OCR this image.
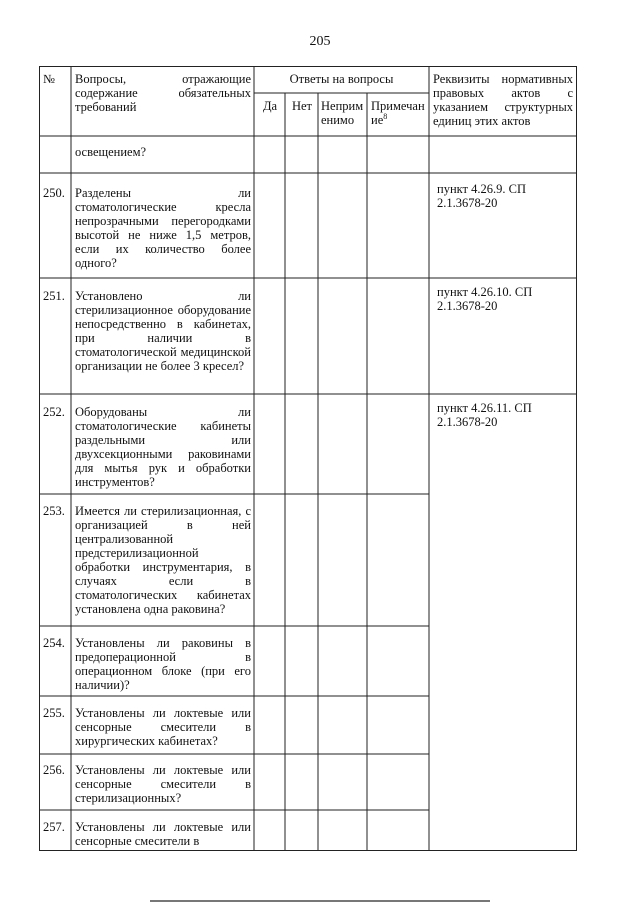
205
№	Вопросы, отражающие содержание обязательных требований
Ответы на вопросы
Да	Нет Неприменимо
Примечание$^8$
Реквизиты нормативных правовых актов с указанием структурных единиц этих актов
освещением?
250. Разделены ли стоматологические кресла непрозрачными перегородками высотой не ниже 1,5 метров, если их количество более одного?
пункт 4.26.9. СП 2.1.3678-20
251. Установлено ли стерилизационное оборудование непосредственно в кабинетах, при наличии в стоматологической медицинской организации не более 3 кресел?
пункт 4.26.10. СП 2.1.3678-20
252. Оборудованы ли стоматологические кабинеты раздельными или двухсекционными раковинами для мытья рук и обработки инструментов?
пункт 4.26.11. СП 2.1.3678-20
253. Имеется ли стерилизационная, с организацией в ней централизованной предстерилизационной обработки инструментария, в случаях если в стоматологических кабинетах установлена одна раковина?
254. Установлены ли раковины в предоперационной в операционном блоке (при его наличии)?
255. Установлены ли локтевые или сенсорные смесители в хирургических кабинетах?
256. Установлены ли локтевые или сенсорные смесители в стерилизационных?
257. Установлены ли локтевые или сенсорные смесители в
